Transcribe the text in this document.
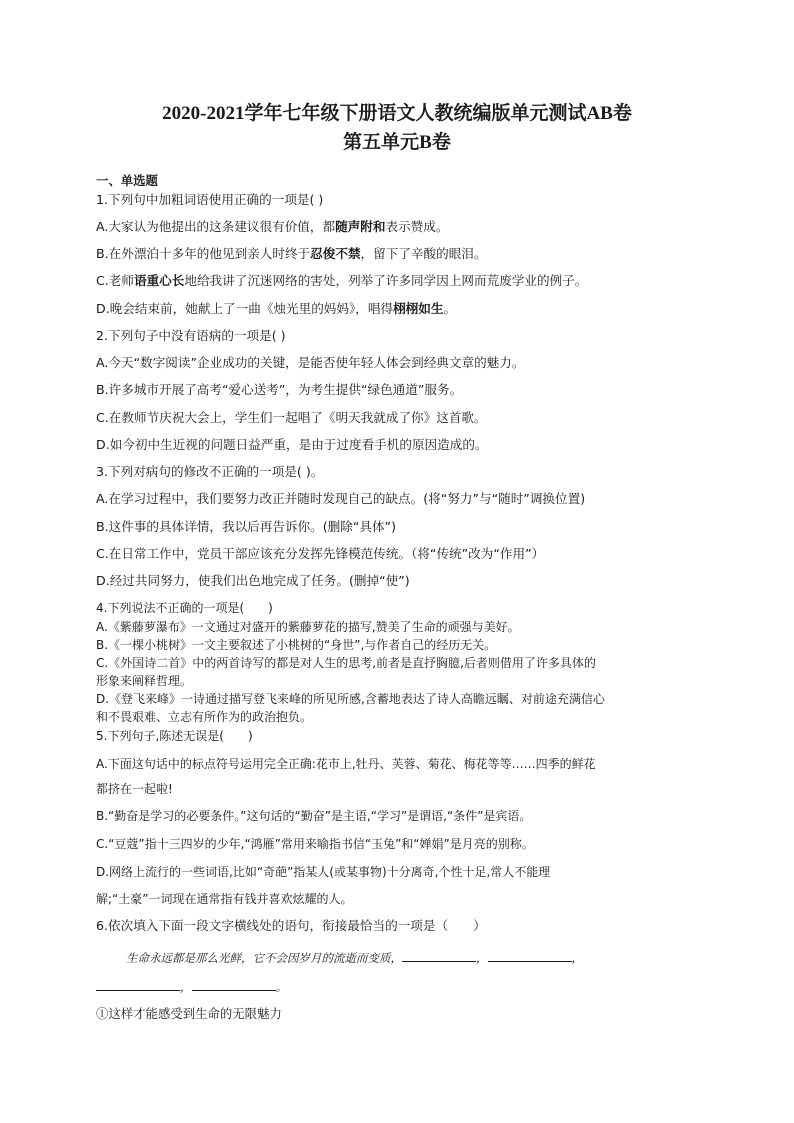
2020-2021学年七年级下册语文人教统编版单元测试AB卷
第五单元B卷
一、单选题
1.下列句中加粗词语使用正确的一项是( )
A.大家认为他提出的这条建议很有价值，都随声附和表示赞成。
B.在外漂泊十多年的他见到亲人时终于忍俊不禁，留下了辛酸的眼泪。
C.老师语重心长地给我讲了沉迷网络的害处，列举了许多同学因上网而荒废学业的例子。
D.晚会结束前，她献上了一曲《烛光里的妈妈》，唱得栩栩如生。
2.下列句子中没有语病的一项是( )
A.今天“数字阅读”企业成功的关键，是能否使年轻人体会到经典文章的魅力。
B.许多城市开展了高考“爱心送考”，为考生提供“绿色通道”服务。
C.在教师节庆祝大会上，学生们一起唱了《明天我就成了你》这首歌。
D.如今初中生近视的问题日益严重，是由于过度看手机的原因造成的。
3.下列对病句的修改不正确的一项是( )。
A.在学习过程中，我们要努力改正并随时发现自己的缺点。(将“努力”与“随时”调换位置)
B.这件事的具体详情，我以后再告诉你。(删除“具体”)
C.在日常工作中，党员干部应该充分发挥先锋模范传统。（将“传统”改为“作用”）
D.经过共同努力，使我们出色地完成了任务。(删掉“使”)
4.下列说法不正确的一项是(　　)
A.《紫藤萝瀑布》一文通过对盛开的紫藤萝花的描写,赞美了生命的顽强与美好。
B.《一棵小桃树》一文主要叙述了小桃树的“身世”,与作者自己的经历无关。
C.《外国诗二首》中的两首诗写的都是对人生的思考,前者是直抒胸臆,后者则借用了许多具体的
形象来阐释哲理。
D.《登飞来峰》一诗通过描写登飞来峰的所见所感,含蓄地表达了诗人高瞻远瞩、对前途充满信心
和不畏艰难、立志有所作为的政治抱负。
5.下列句子,陈述无误是(　　)
A.下面这句话中的标点符号运用完全正确:花市上,牡丹、芙蓉、菊花、梅花等等……四季的鲜花
都挤在一起啦!
B.“勤奋是学习的必要条件。”这句话的“勤奋”是主语,“学习”是谓语,“条件”是宾语。
C.“豆蔻”指十三四岁的少年,“鸿雁”常用来喻指书信“玉兔”和“婵娟”是月亮的别称。
D.网络上流行的一些词语,比如“奇葩”指某人(或某事物)十分离奇,个性十足,常人不能理
解;“土豪”一词现在通常指有钱并喜欢炫耀的人。
6.依次填入下面一段文字横线处的语句，衔接最恰当的一项是（　　）
生命永远都是那么光鲜，它不会因岁月的流逝而变质，	，	，
，	。
①这样才能感受到生命的无限魅力
